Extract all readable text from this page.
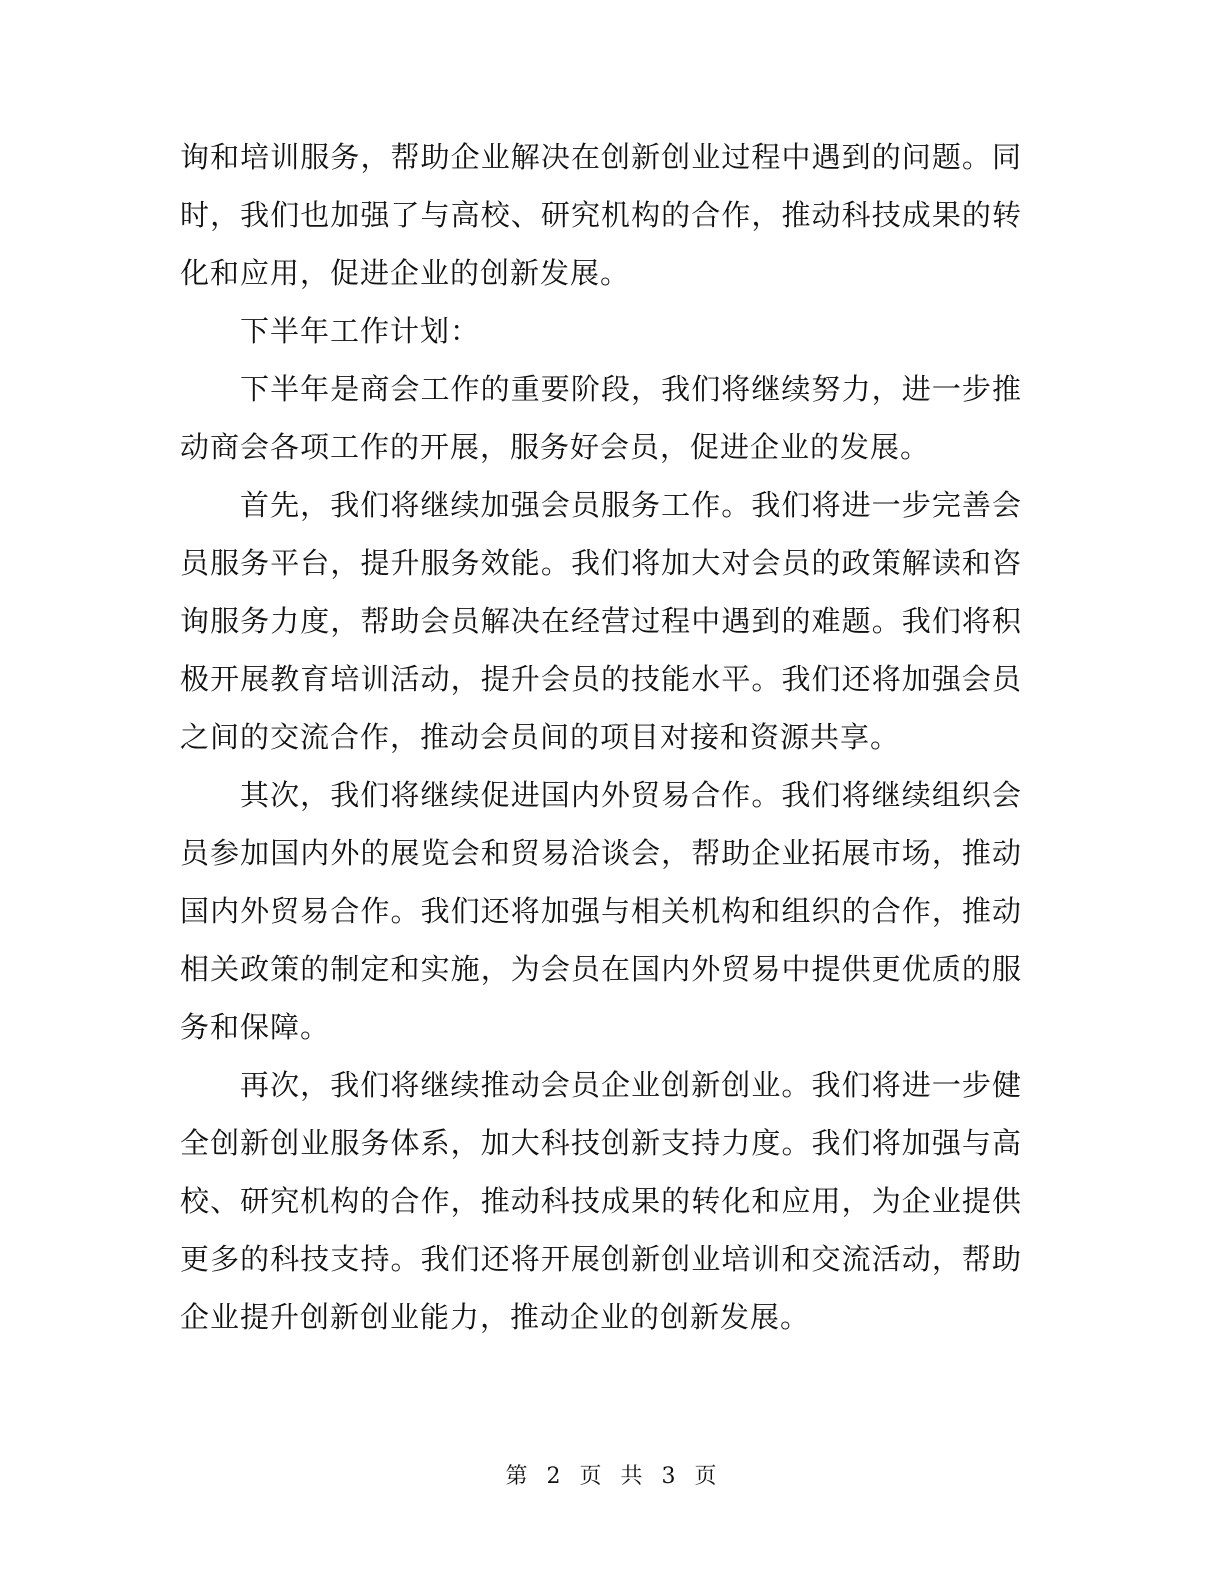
询和培训服务，帮助企业解决在创新创业过程中遇到的问题。同时，我们也加强了与高校、研究机构的合作，推动科技成果的转化和应用，促进企业的创新发展。

下半年工作计划：

下半年是商会工作的重要阶段，我们将继续努力，进一步推动商会各项工作的开展，服务好会员，促进企业的发展。

首先，我们将继续加强会员服务工作。我们将进一步完善会员服务平台，提升服务效能。我们将加大对会员的政策解读和咨询服务力度，帮助会员解决在经营过程中遇到的难题。我们将积极开展教育培训活动，提升会员的技能水平。我们还将加强会员之间的交流合作，推动会员间的项目对接和资源共享。

其次，我们将继续促进国内外贸易合作。我们将继续组织会员参加国内外的展览会和贸易洽谈会，帮助企业拓展市场，推动国内外贸易合作。我们还将加强与相关机构和组织的合作，推动相关政策的制定和实施，为会员在国内外贸易中提供更优质的服务和保障。

再次，我们将继续推动会员企业创新创业。我们将进一步健全创新创业服务体系，加大科技创新支持力度。我们将加强与高校、研究机构的合作，推动科技成果的转化和应用，为企业提供更多的科技支持。我们还将开展创新创业培训和交流活动，帮助企业提升创新创业能力，推动企业的创新发展。

第 2 页 共 3 页
